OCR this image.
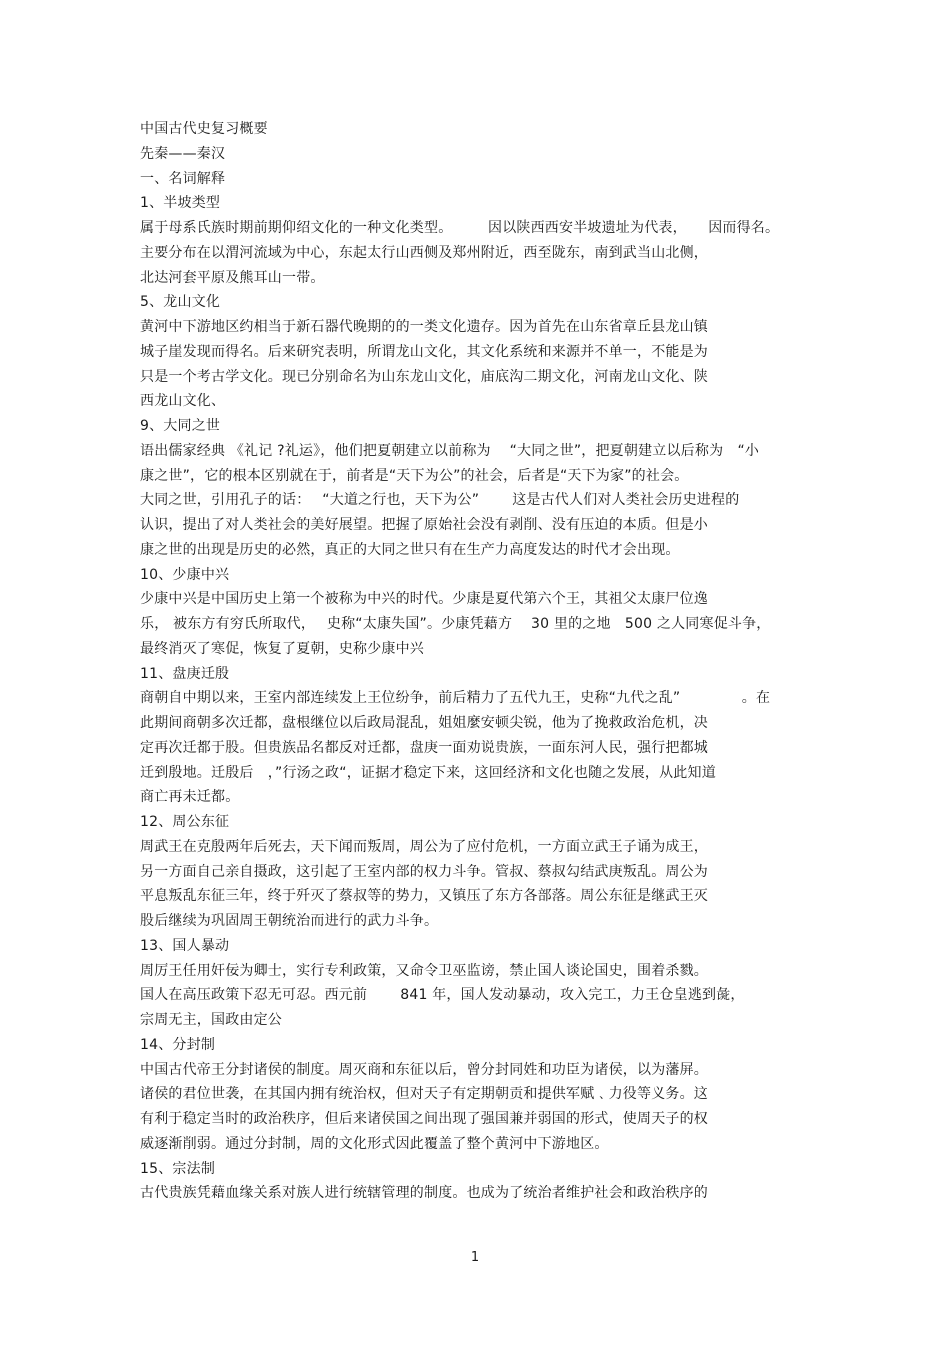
中国古代史复习概要
先秦——秦汉
一、名词解释
1、半坡类型
属于母系氏族时期前期仰绍文化的一种文化类型。　　　因以陕西西安半坡遗址为代表，　　因而得名。
主要分布在以渭河流域为中心，东起太行山西侧及郑州附近，西至陇东，南到武当山北侧，
北达河套平原及熊耳山一带。
5、龙山文化
黄河中下游地区约相当于新石器代晚期的的一类文化遗存。因为首先在山东省章丘县龙山镇
城子崖发现而得名。后来研究表明，所谓龙山文化，其文化系统和来源并不单一，不能是为
只是一个考古学文化。现已分别命名为山东龙山文化，庙底沟二期文化，河南龙山文化、陕
西龙山文化、
9、大同之世
语出儒家经典 《礼记 ?礼运》，他们把夏朝建立以前称为　 “大同之世”，把夏朝建立以后称为　“小
康之世”，它的根本区别就在于，前者是“天下为公”的社会，后者是“天下为家”的社会。
大同之世，引用孔子的话：　 “大道之行也，天下为公”　　 这是古代人们对人类社会历史进程的
认识，提出了对人类社会的美好展望。把握了原始社会没有剥削、没有压迫的本质。但是小
康之世的出现是历史的必然，真正的大同之世只有在生产力高度发达的时代才会出现。
10、少康中兴
少康中兴是中国历史上第一个被称为中兴的时代。少康是夏代第六个王，其祖父太康尸位逸
乐， 被东方有穷氏所取代，　 史称“太康失国”。少康凭藉方　 30 里的之地　500 之人同寒促斗争，
最终消灭了寒促，恢复了夏朝，史称少康中兴
11、盘庚迁殷
商朝自中期以来，王室内部连续发上王位纷争，前后精力了五代九王，史称“九代之乱”　　　　 。在
此期间商朝多次迁都，盘根继位以后政局混乱，姐姐麼安顿尖锐，他为了挽救政治危机，决
定再次迁都于股。但贵族品名都反对迁都，盘庚一面劝说贵族，一面东河人民，强行把都城
迁到殷地。迁殷后　，”行汤之政“，证据才稳定下来，这回经济和文化也随之发展，从此知道
商亡再未迁都。
12、周公东征
周武王在克殷两年后死去，天下闻而叛周，周公为了应付危机，一方面立武王子诵为成王，
另一方面自己亲自摄政，这引起了王室内部的权力斗争。管叔、蔡叔勾结武庚叛乱。周公为
平息叛乱东征三年，终于歼灭了蔡叔等的势力，又镇压了东方各部落。周公东征是继武王灭
股后继续为巩固周王朝统治而进行的武力斗争。
13、国人暴动
周厉王任用奸佞为卿士，实行专利政策，又命令卫巫监谤，禁止国人谈论国史，围着杀戮。
国人在高压政策下忍无可忍。西元前　　 841 年，国人发动暴动，攻入完工，力王仓皇逃到彘，
宗周无主，国政由定公
14、分封制
中国古代帝王分封诸侯的制度。周灭商和东征以后，曾分封同姓和功臣为诸侯，以为藩屏。
诸侯的君位世袭，在其国内拥有统治权，但对天子有定期朝贡和提供军赋﹑力役等义务。这
有利于稳定当时的政治秩序，但后来诸侯国之间出现了强国兼并弱国的形式，使周天子的权
威逐渐削弱。通过分封制，周的文化形式因此覆盖了整个黄河中下游地区。
15、宗法制
古代贵族凭藉血缘关系对族人进行统辖管理的制度。也成为了统治者维护社会和政治秩序的
1
